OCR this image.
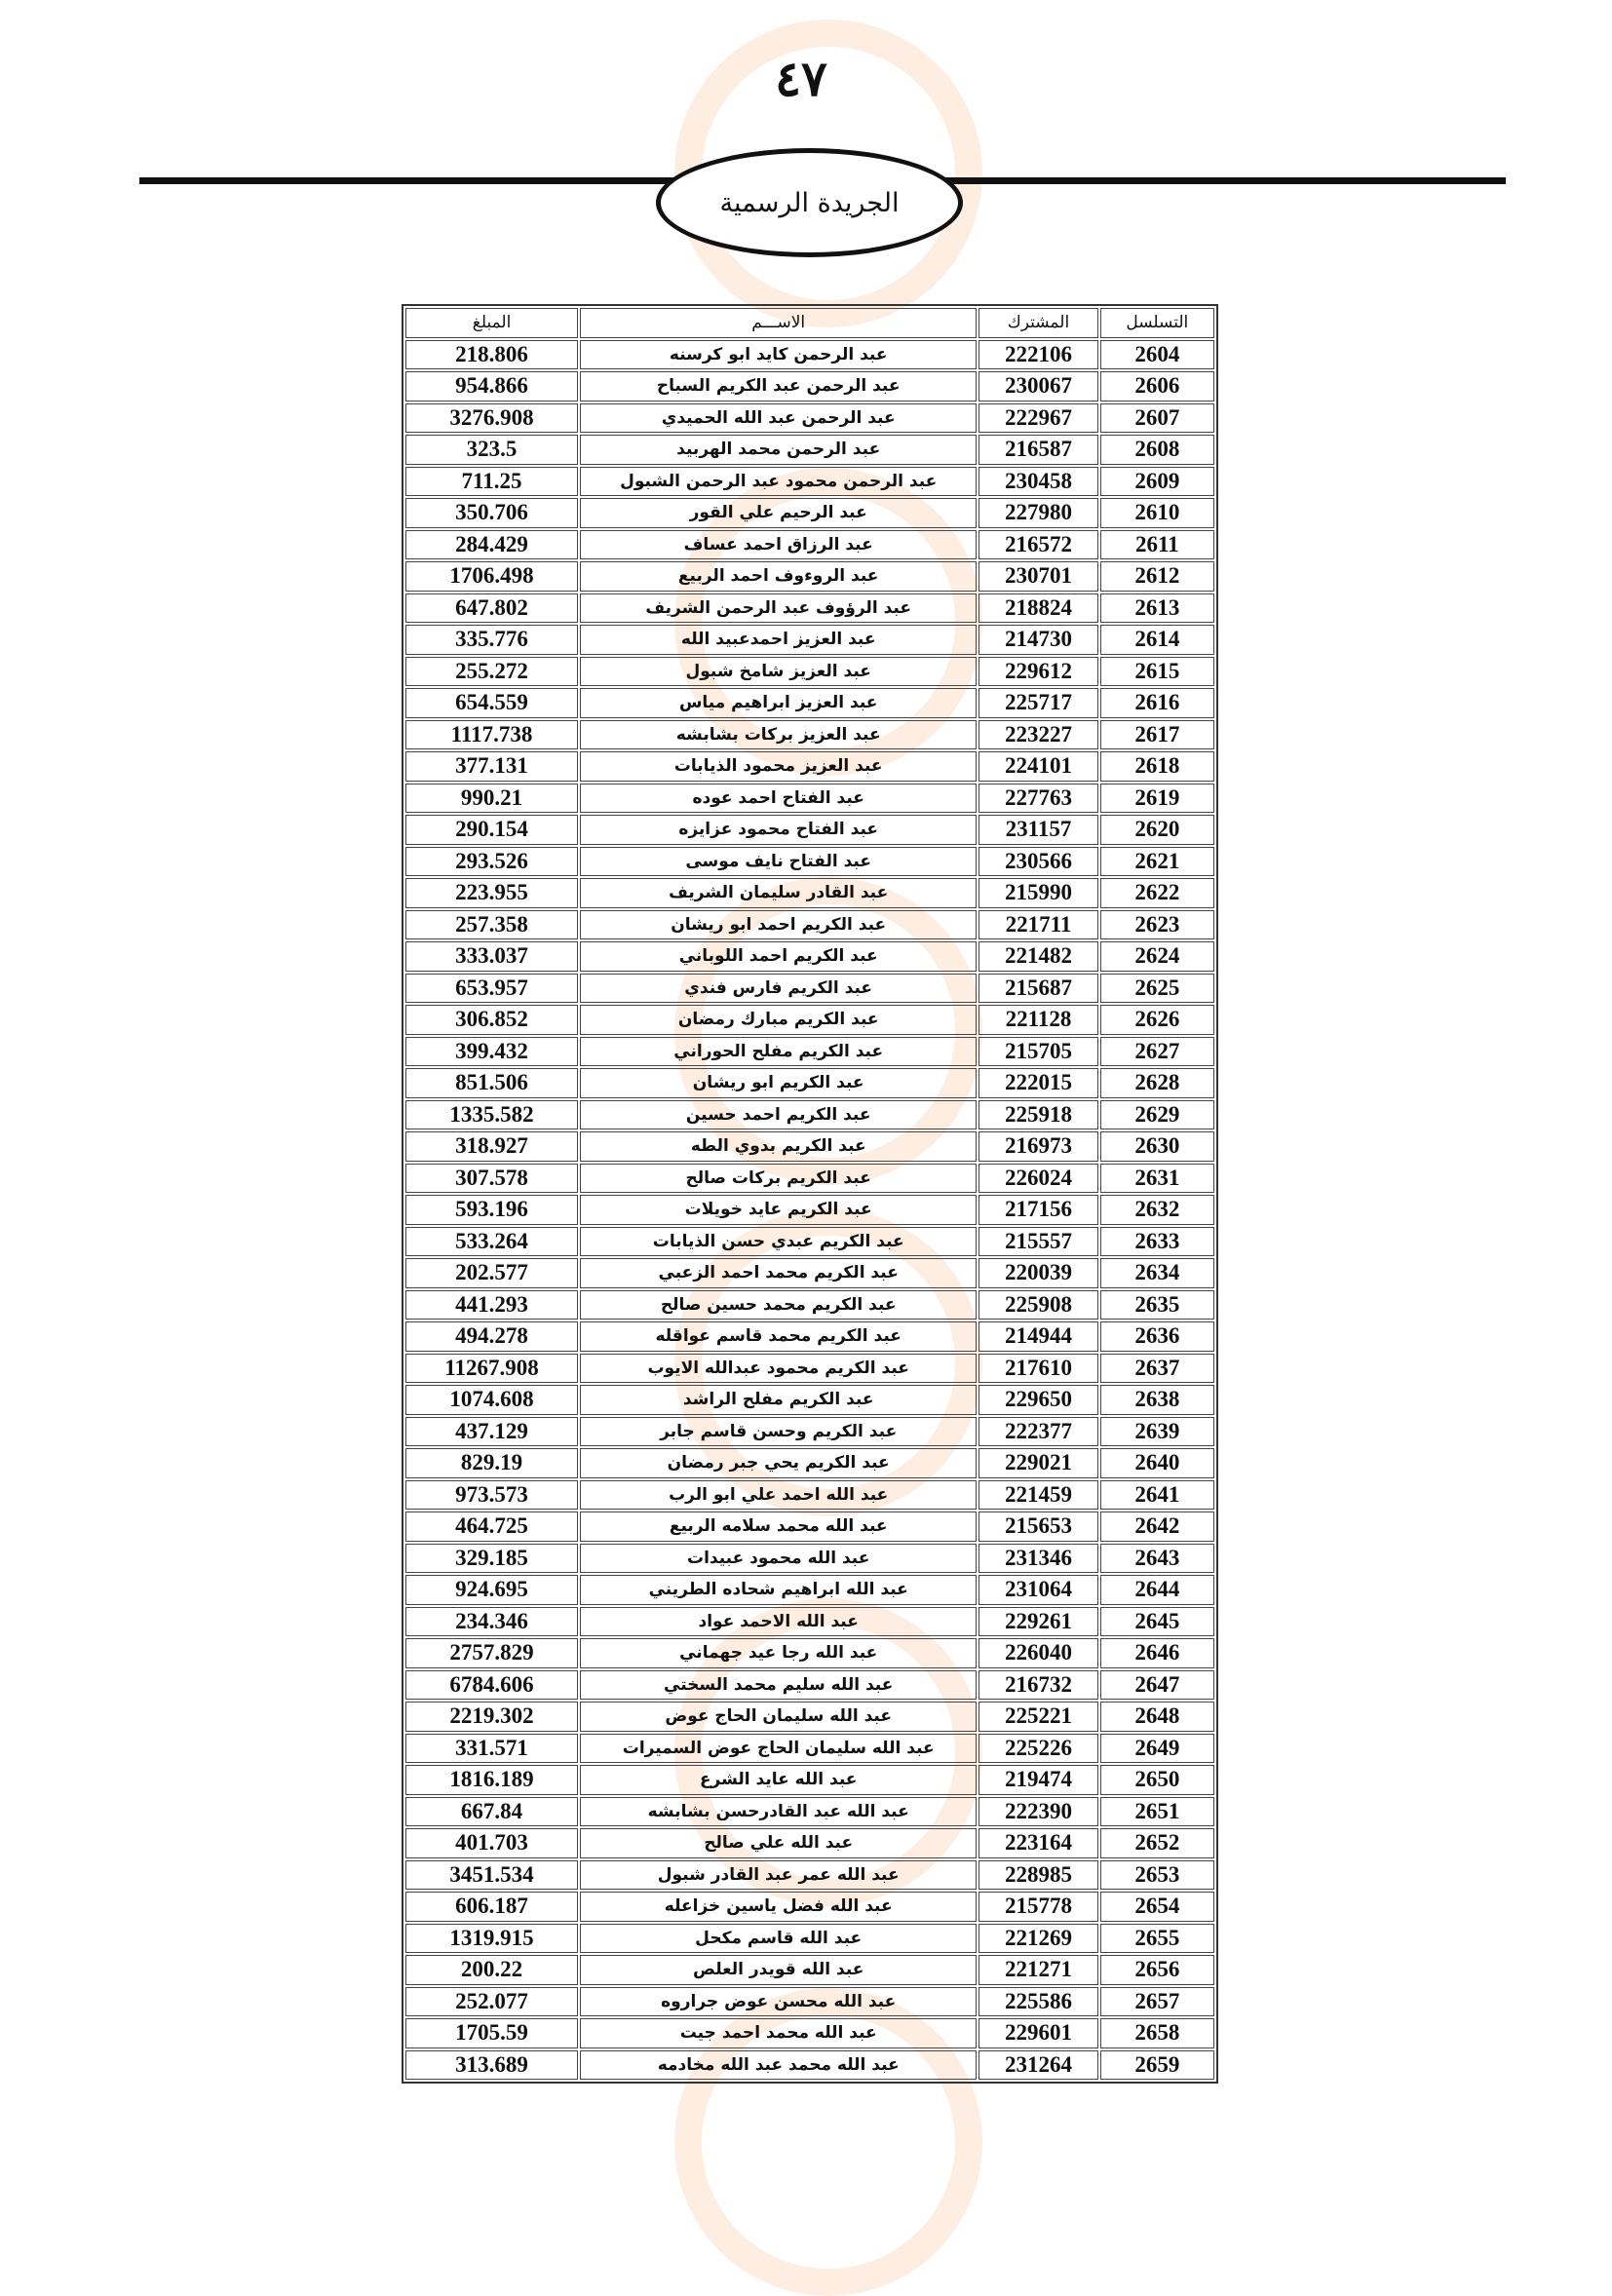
٤٧
الجريدة الرسمية
التسلسل	المشترك	الاســـم	المبلغ
2604	222106	عبد الرحمن كايد ابو كرسنه	218.806
2606	230067	عبد الرحمن عبد الكريم السباح	954.866
2607	222967	عبد الرحمن عبد الله الحميدي	3276.908
2608	216587	عبد الرحمن محمد الهربيد	323.5
2609	230458	عبد الرحمن محمود عبد الرحمن الشبول	711.25
2610	227980	عبد الرحيم علي القور	350.706
2611	216572	عبد الرزاق احمد عساف	284.429
2612	230701	عبد الروءوف احمد الربيع	1706.498
2613	218824	عبد الرؤوف عبد الرحمن الشريف	647.802
2614	214730	عبد العزيز احمدعبيد الله	335.776
2615	229612	عبد العزيز شامخ شبول	255.272
2616	225717	عبد العزيز ابراهيم مياس	654.559
2617	223227	عبد العزيز بركات بشابشه	1117.738
2618	224101	عبد العزيز محمود الذيابات	377.131
2619	227763	عبد الفتاح احمد عوده	990.21
2620	231157	عبد الفتاح محمود عزايزه	290.154
2621	230566	عبد الفتاح نايف موسى	293.526
2622	215990	عبد القادر سليمان الشريف	223.955
2623	221711	عبد الكريم احمد ابو ريشان	257.358
2624	221482	عبد الكريم احمد اللوباني	333.037
2625	215687	عبد الكريم فارس فندي	653.957
2626	221128	عبد الكريم مبارك رمضان	306.852
2627	215705	عبد الكريم مفلح الحوراني	399.432
2628	222015	عبد الكريم ابو ريشان	851.506
2629	225918	عبد الكريم احمد حسين	1335.582
2630	216973	عبد الكريم بدوي الطه	318.927
2631	226024	عبد الكريم بركات صالح	307.578
2632	217156	عبد الكريم عايد خويلات	593.196
2633	215557	عبد الكريم عبدي حسن الذيابات	533.264
2634	220039	عبد الكريم محمد احمد الزعبي	202.577
2635	225908	عبد الكريم محمد حسين صالح	441.293
2636	214944	عبد الكريم محمد قاسم عواقله	494.278
2637	217610	عبد الكريم محمود عبدالله الايوب	11267.908
2638	229650	عبد الكريم مفلح الراشد	1074.608
2639	222377	عبد الكريم وحسن قاسم جابر	437.129
2640	229021	عبد الكريم يحي جبر رمضان	829.19
2641	221459	عبد الله احمد علي ابو الرب	973.573
2642	215653	عبد الله محمد سلامه الربيع	464.725
2643	231346	عبد الله محمود عبيدات	329.185
2644	231064	عبد الله ابراهيم شحاده الطريني	924.695
2645	229261	عبد الله الاحمد عواد	234.346
2646	226040	عبد الله رجا عيد جهماني	2757.829
2647	216732	عبد الله سليم محمد السختي	6784.606
2648	225221	عبد الله سليمان الحاج عوض	2219.302
2649	225226	عبد الله سليمان الحاج عوض السميرات	331.571
2650	219474	عبد الله عايد الشرع	1816.189
2651	222390	عبد الله عبد القادرحسن بشابشه	667.84
2652	223164	عبد الله علي صالح	401.703
2653	228985	عبد الله عمر عبد القادر شبول	3451.534
2654	215778	عبد الله فضل ياسين خزاعله	606.187
2655	221269	عبد الله قاسم مكحل	1319.915
2656	221271	عبد الله قويدر العلص	200.22
2657	225586	عبد الله محسن عوض جراروه	252.077
2658	229601	عبد الله محمد احمد جيت	1705.59
2659	231264	عبد الله محمد عبد الله مخادمه	313.689
